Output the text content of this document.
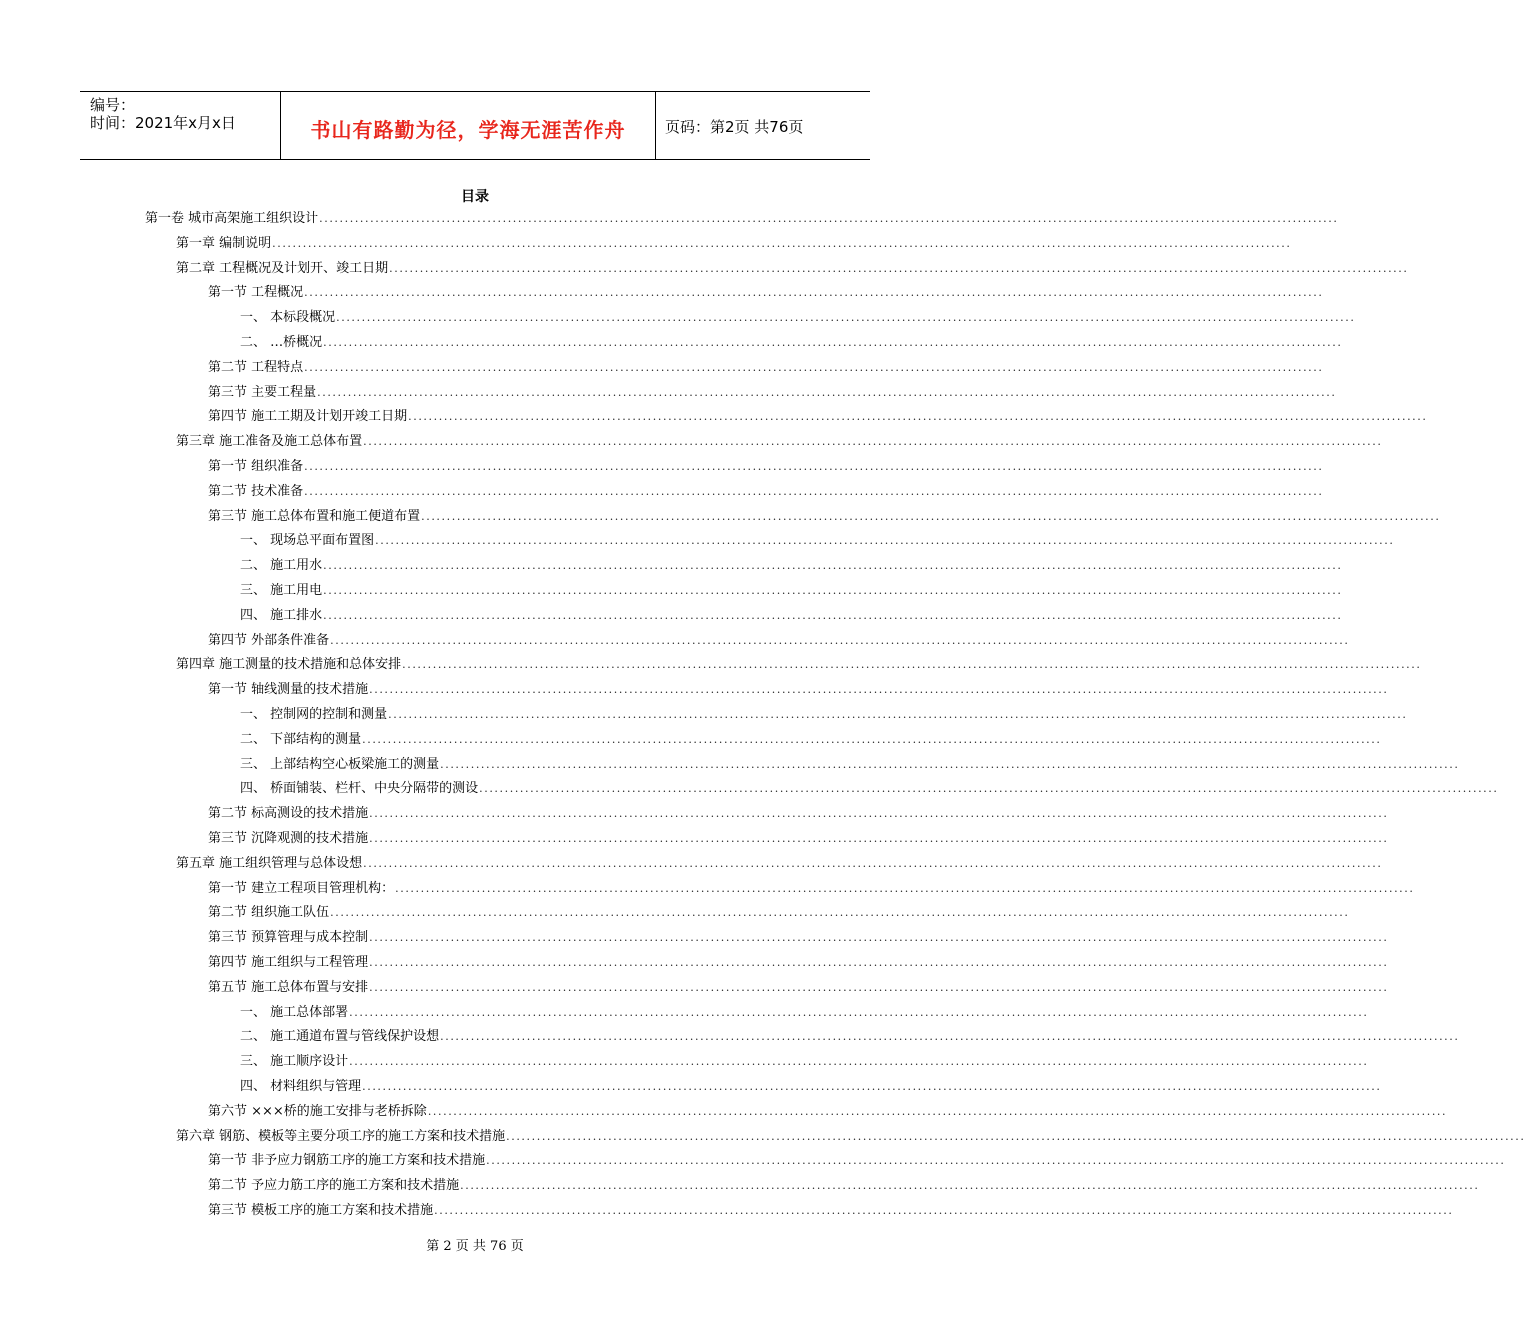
编号：
时间：2021年x月x日	书山有路勤为径，学海无涯苦作舟	页码：第2页 共76页
目录
第一卷 城市高架施工组织设计 ........................................................................................................................................................................................................
第一章 编制说明 ........................................................................................................................................................................................................
第二章 工程概况及计划开、竣工日期 ........................................................................................................................................................................................................
第一节 工程概况 ........................................................................................................................................................................................................
一、 本标段概况 ........................................................................................................................................................................................................
二、 …桥概况 ........................................................................................................................................................................................................
第二节 工程特点 ........................................................................................................................................................................................................
第三节 主要工程量 ........................................................................................................................................................................................................
第四节 施工工期及计划开竣工日期 ........................................................................................................................................................................................................
第三章 施工准备及施工总体布置 ........................................................................................................................................................................................................
第一节 组织准备 ........................................................................................................................................................................................................
第二节 技术准备 ........................................................................................................................................................................................................
第三节 施工总体布置和施工便道布置 ........................................................................................................................................................................................................
一、 现场总平面布置图 ........................................................................................................................................................................................................
二、 施工用水 ........................................................................................................................................................................................................
三、 施工用电 ........................................................................................................................................................................................................
四、 施工排水 ........................................................................................................................................................................................................
第四节 外部条件准备 ........................................................................................................................................................................................................
第四章 施工测量的技术措施和总体安排 ........................................................................................................................................................................................................
第一节 轴线测量的技术措施 ........................................................................................................................................................................................................
一、 控制网的控制和测量 ........................................................................................................................................................................................................
二、 下部结构的测量 ........................................................................................................................................................................................................
三、 上部结构空心板梁施工的测量 ........................................................................................................................................................................................................
四、 桥面铺装、栏杆、中央分隔带的测设 ........................................................................................................................................................................................................
第二节 标高测设的技术措施 ........................................................................................................................................................................................................
第三节 沉降观测的技术措施 ........................................................................................................................................................................................................
第五章 施工组织管理与总体设想 ........................................................................................................................................................................................................
第一节 建立工程项目管理机构： ........................................................................................................................................................................................................
第二节 组织施工队伍 ........................................................................................................................................................................................................
第三节 预算管理与成本控制 ........................................................................................................................................................................................................
第四节 施工组织与工程管理 ........................................................................................................................................................................................................
第五节 施工总体布置与安排 ........................................................................................................................................................................................................
一、 施工总体部署 ........................................................................................................................................................................................................
二、 施工通道布置与管线保护设想 ........................................................................................................................................................................................................
三、 施工顺序设计 ........................................................................................................................................................................................................
四、 材料组织与管理 ........................................................................................................................................................................................................
第六节 ×××桥的施工安排与老桥拆除 ........................................................................................................................................................................................................
第六章 钢筋、模板等主要分项工序的施工方案和技术措施 ........................................................................................................................................................................................................
第一节 非予应力钢筋工序的施工方案和技术措施 ........................................................................................................................................................................................................
第二节 予应力筋工序的施工方案和技术措施 ........................................................................................................................................................................................................
第三节 模板工序的施工方案和技术措施 ........................................................................................................................................................................................................
第 2 页 共 76 页
